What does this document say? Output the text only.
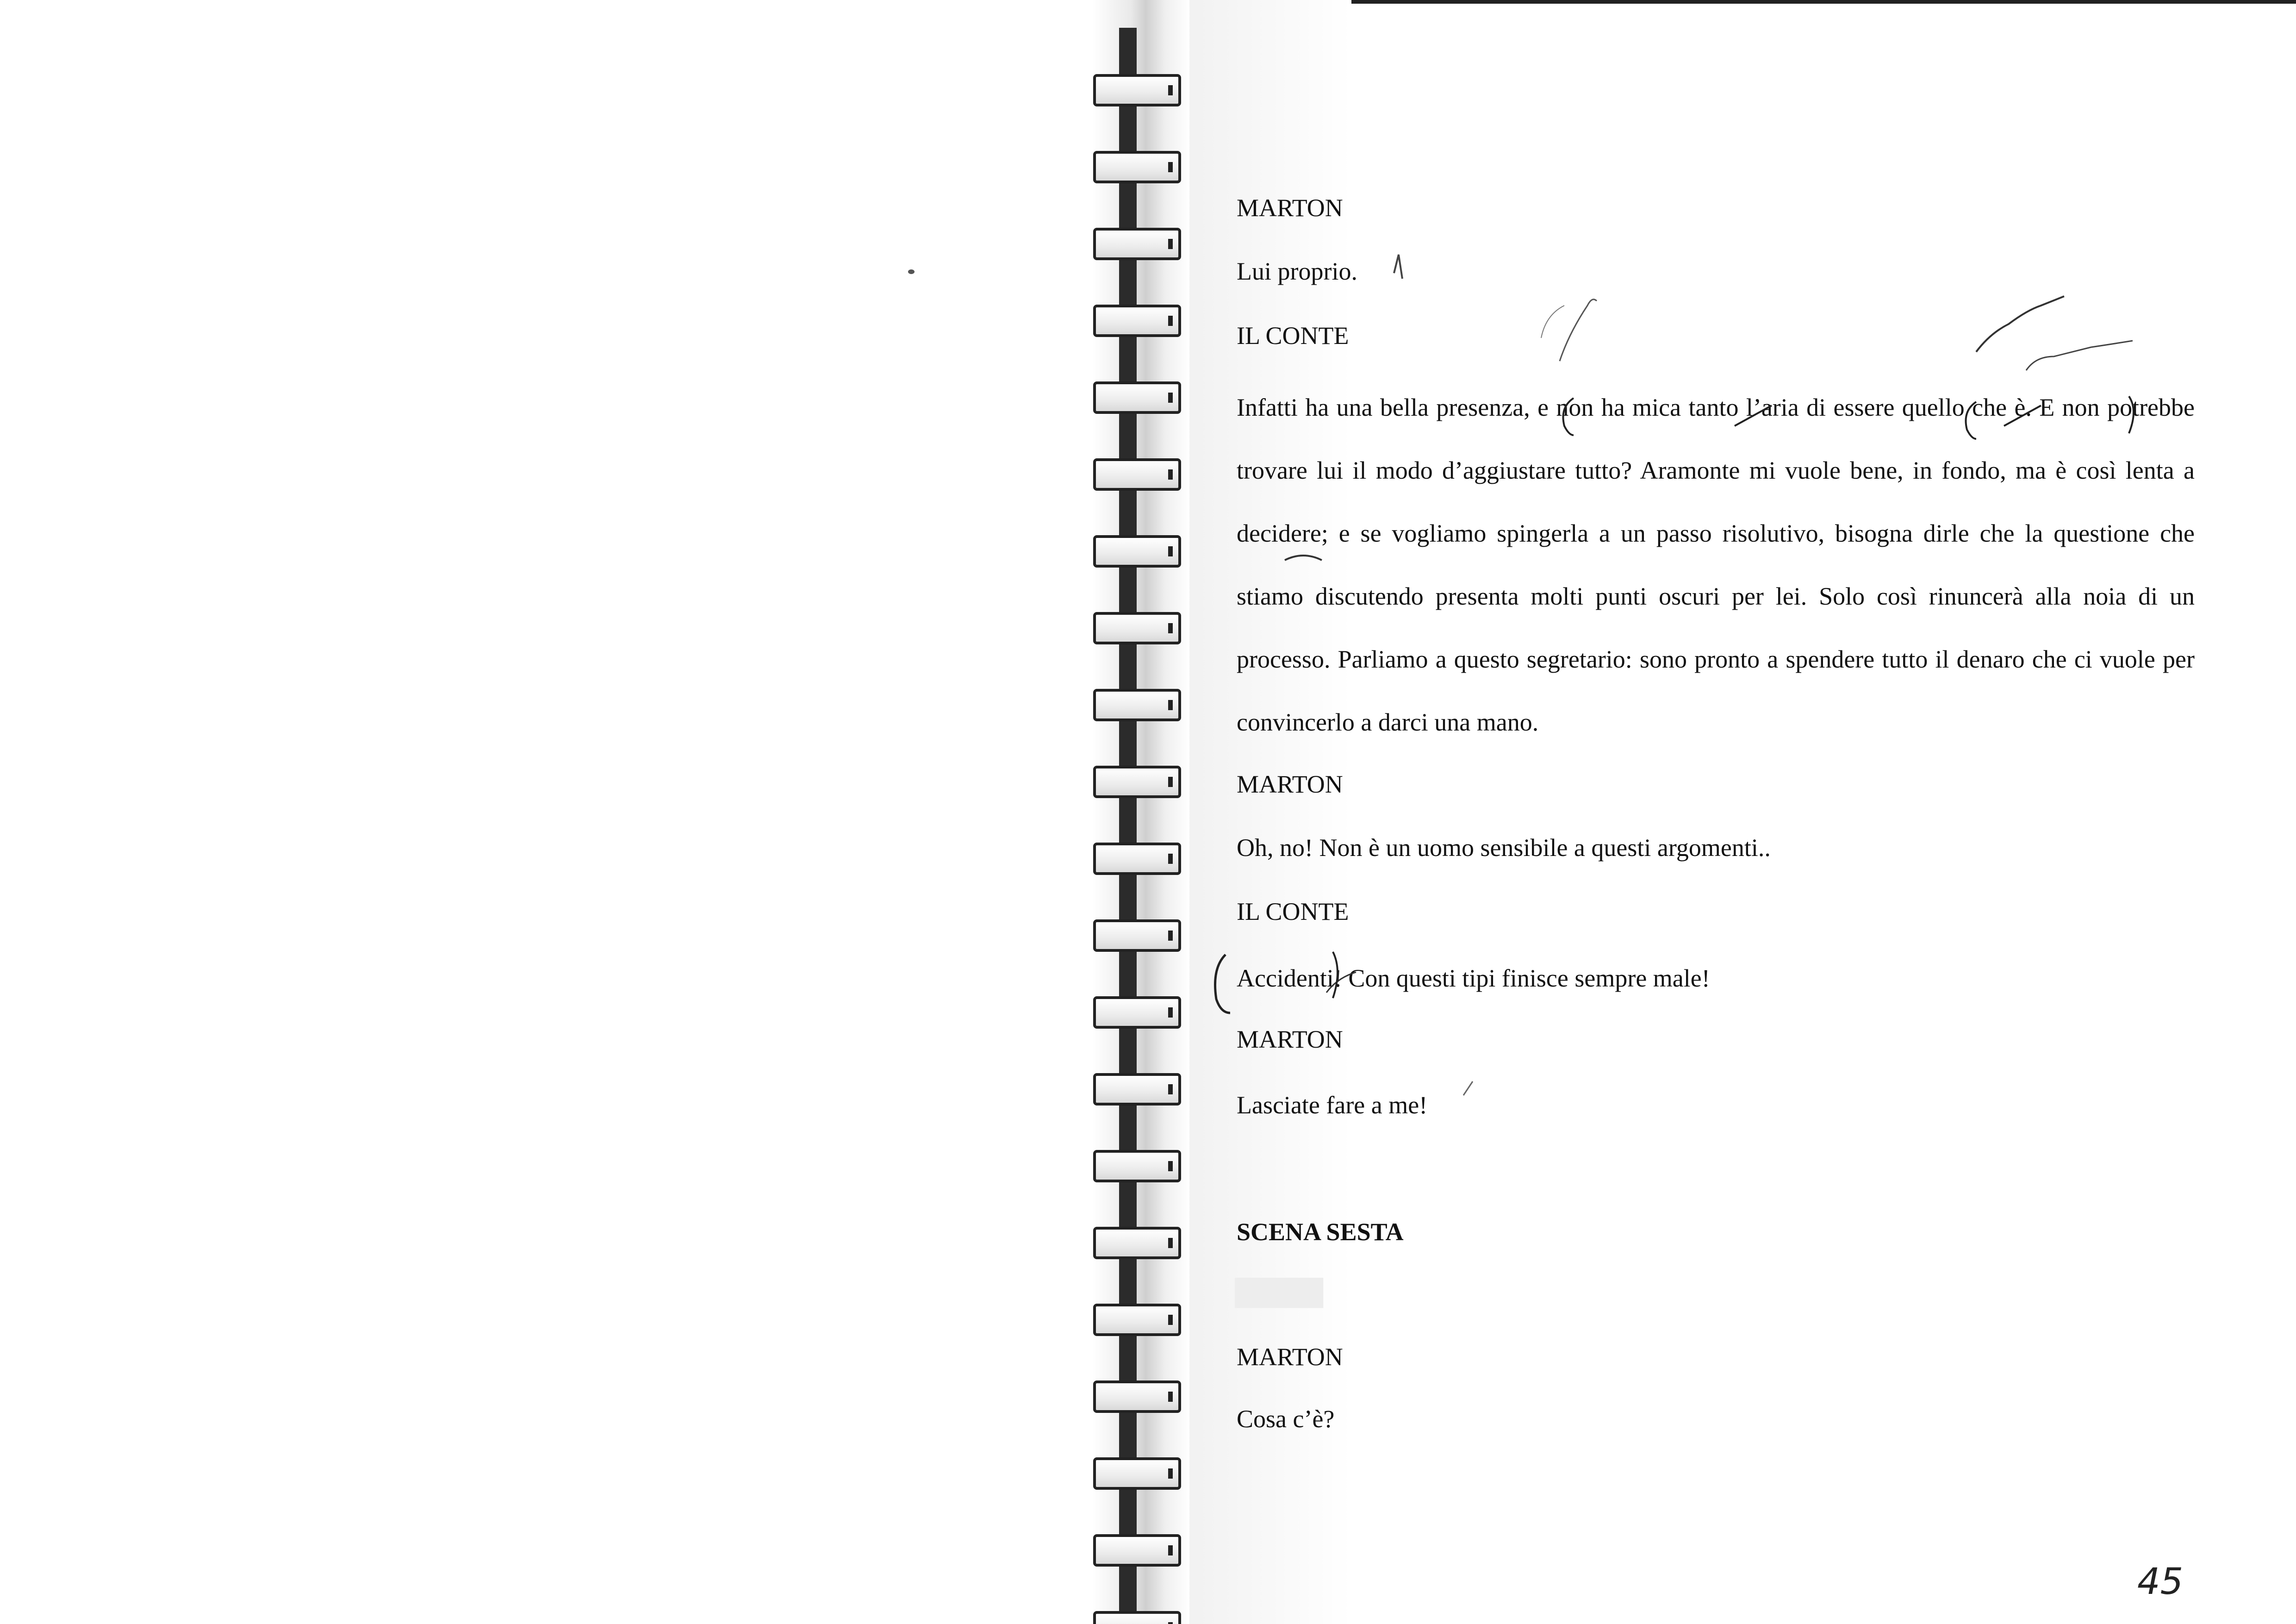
MARTON

Lui proprio.

IL CONTE

Infatti ha una bella presenza, e non ha mica tanto l’aria di essere quello che è. E non potrebbe trovare lui il modo d’aggiustare tutto? Aramonte mi vuole bene, in fondo, ma è così lenta a decidere; e se vogliamo spingerla a un passo risolutivo, bisogna dirle che la questione che stiamo discutendo presenta molti punti oscuri per lei. Solo così rinuncerà alla noia di un processo. Parliamo a questo segretario: sono pronto a spendere tutto il denaro che ci vuole per convincerlo a darci una mano.

MARTON

Oh, no! Non è un uomo sensibile a questi argomenti..

IL CONTE

Accidenti! Con questi tipi finisce sempre male!

MARTON

Lasciate fare a me!

SCENA SESTA

█████

MARTON

Cosa c’è?

45
